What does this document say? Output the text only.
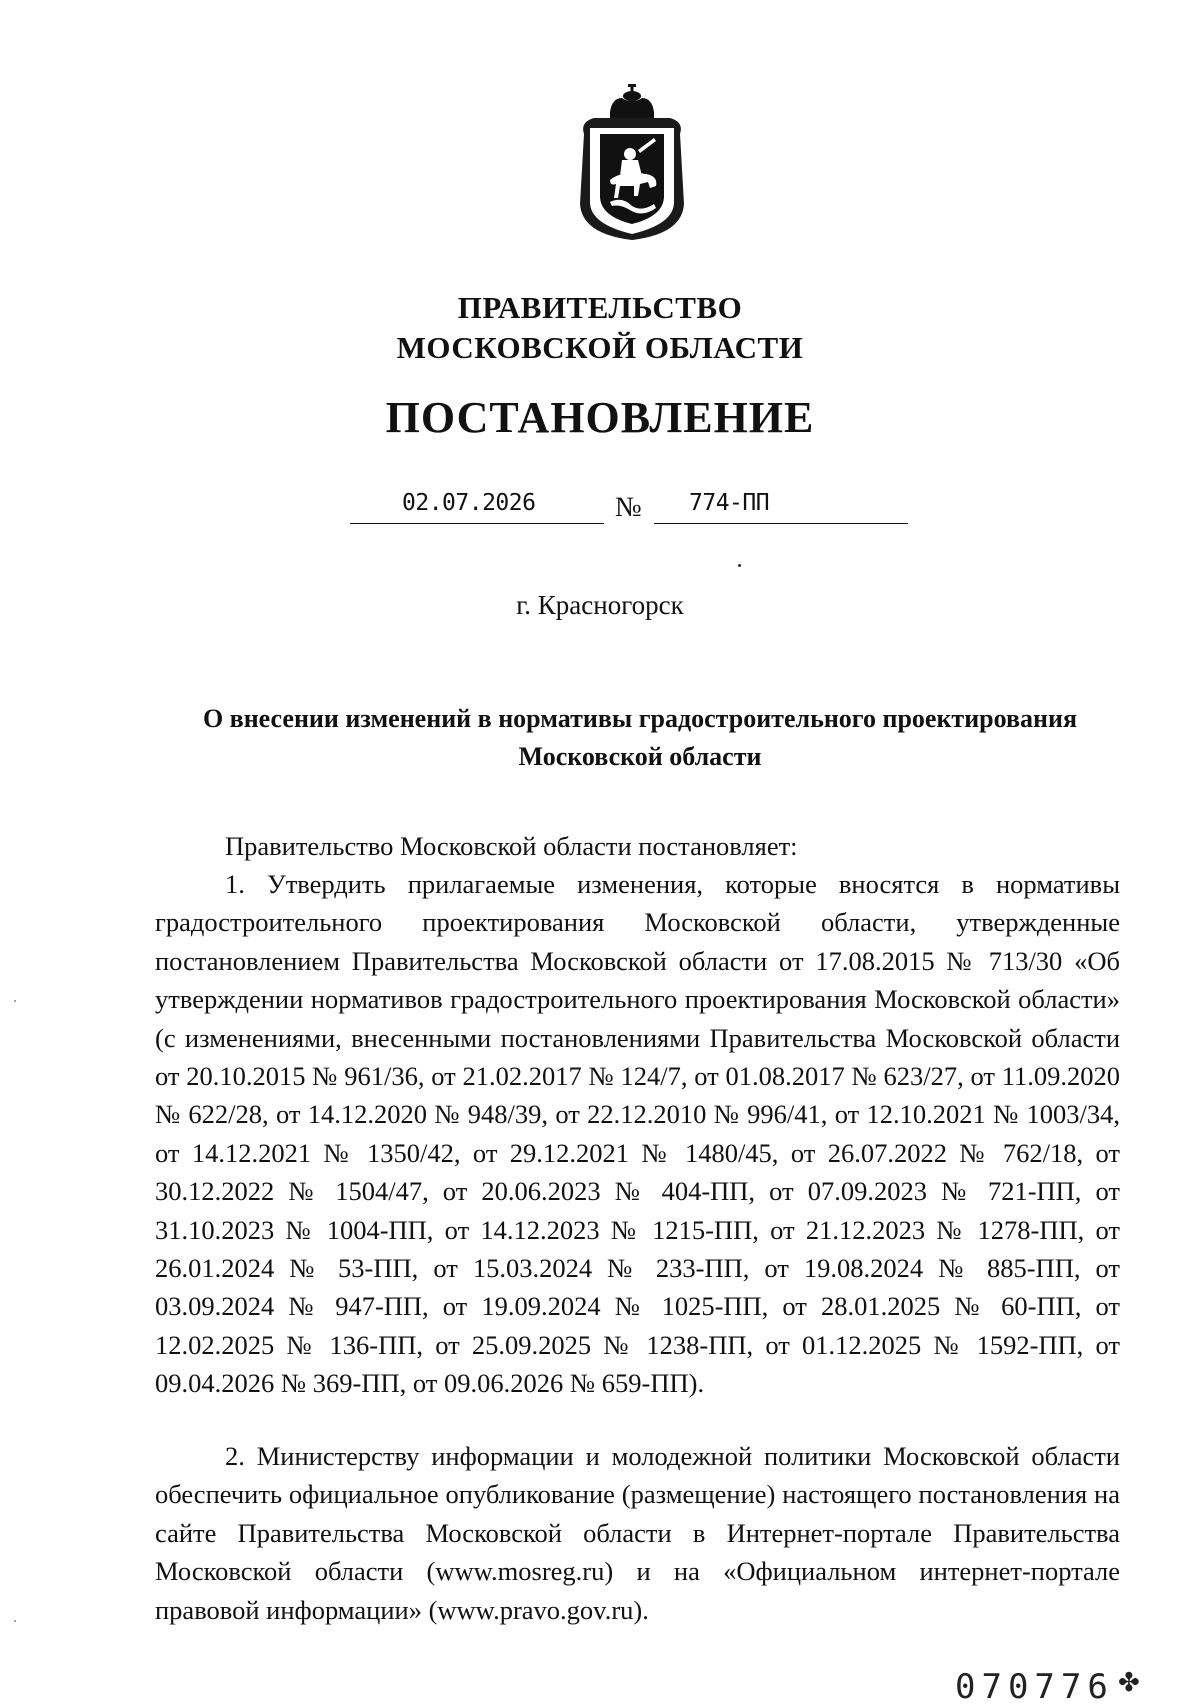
ПРАВИТЕЛЬСТВО
МОСКОВСКОЙ ОБЛАСТИ
ПОСТАНОВЛЕНИЕ
02.07.2026	№ 774-ПП
г. Красногорск
О внесении изменений в нормативы градостроительного проектирования Московской области
Правительство Московской области постановляет:
1. Утвердить прилагаемые изменения, которые вносятся в нормативы градостроительного проектирования Московской области, утвержденные постановлением Правительства Московской области от 17.08.2015 № 713/30 «Об утверждении нормативов градостроительного проектирования Московской области» (с изменениями, внесенными постановлениями Правительства Московской области от 20.10.2015 № 961/36, от 21.02.2017 № 124/7, от 01.08.2017 № 623/27, от 11.09.2020 № 622/28, от 14.12.2020 № 948/39, от 22.12.2010 № 996/41, от 12.10.2021 № 1003/34, от 14.12.2021 № 1350/42, от 29.12.2021 № 1480/45, от 26.07.2022 № 762/18, от 30.12.2022 № 1504/47, от 20.06.2023 № 404-ПП, от 07.09.2023 № 721-ПП, от 31.10.2023 № 1004-ПП, от 14.12.2023 № 1215-ПП, от 21.12.2023 № 1278-ПП, от 26.01.2024 № 53-ПП, от 15.03.2024 № 233-ПП, от 19.08.2024 № 885-ПП, от 03.09.2024 № 947-ПП, от 19.09.2024 № 1025-ПП, от 28.01.2025 № 60-ПП, от 12.02.2025 № 136-ПП, от 25.09.2025 № 1238-ПП, от 01.12.2025 № 1592-ПП, от 09.04.2026 № 369-ПП, от 09.06.2026 № 659-ПП).
2. Министерству информации и молодежной политики Московской области обеспечить официальное опубликование (размещение) настоящего постановления на сайте Правительства Московской области в Интернет-портале Правительства Московской области (www.mosreg.ru) и на «Официальном интернет-портале правовой информации» (www.pravo.gov.ru).
070776 ✤
